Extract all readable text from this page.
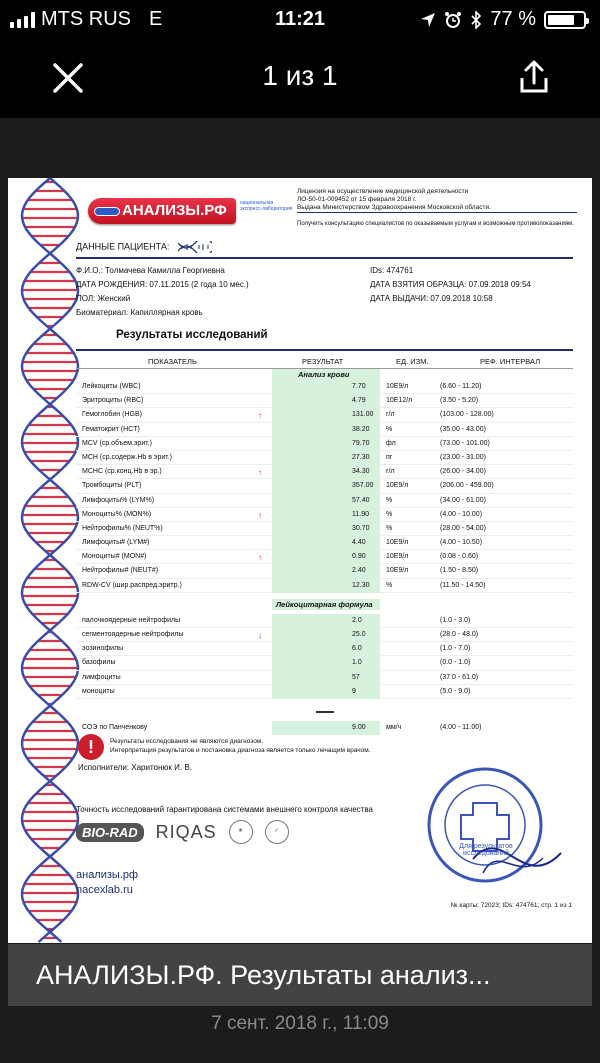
MTS RUS E	11:21	77 %
1 из 1
АНАЛИЗЫ.РФ	национальная экспресс-лаборатория
Лицензия на осуществление медицинской деятельности
ЛО-50-01-009452 от 15 февраля 2018 г.
Выдана Министерством Здравоохранения Московской области.
Получить консультацию специалистов по оказываемым услугам и возможным противопоказаниям.
ДАННЫЕ ПАЦИЕНТА:
Ф.И.О.: Толмачева Камилла Георгиевна
ДАТА РОЖДЕНИЯ: 07.11.2015 (2 года 10 мес.)
ПОЛ: Женский
Биоматериал: Капиллярная кровь
IDs: 474761
ДАТА ВЗЯТИЯ ОБРАЗЦА: 07.09.2018 09:54
ДАТА ВЫДАЧИ: 07.09.2018 10:58
Результаты исследований
ПОКАЗАТЕЛЬ	РЕЗУЛЬТАТ	ЕД. ИЗМ.	РЕФ. ИНТЕРВАЛ
Анализ крови
Лейкоциты (WBC)	7.70	10Е9/л	(6.60 - 11.20)
Эритроциты (RBC)	4.79	10Е12/л	(3.50 - 5.20)
Гемоглобин (HGB)	↑	131.00 г/л	(103.00 - 128.00)
Гематокрит (HCT)	38.20 %	(35.00 - 43.00)
MCV (ср.объем.эрит.)	79.70 фл	(73.00 - 101.00)
MCH (ср.содерж.Hb в эрит.)	27.30 пг	(23.00 - 31.00)
MCHC (ср.конц.Hb в эр.)	↑	34.30 г/л	(26.00 - 34.00)
Тромбоциты (PLT)	357.00 10Е9/л	(206.00 - 459.00)
Лимфоциты% (LYM%)	57.40 %	(34.00 - 61.00)
Моноциты% (MON%)	↑	11.90 %	(4.00 - 10.00)
Нейтрофилы% (NEUT%)	30.70 %	(28.00 - 54.00)
Лимфоциты# (LYM#)	4.40	10Е9/л	(4.00 - 10.50)
Моноциты# (MON#)	↑	0.90	10Е9/л	(0.08 - 0.60)
Нейтрофилы# (NEUT#)	2.40	10Е9/л	(1.50 - 8.50)
RDW-CV (шир.распред.эритр.)	12.30 %	(11.50 - 14.50)
Лейкоцитарная формула
палочкоядерные нейтрофилы	2.0	(1.0 - 3.0)
сегментоядерные нейтрофилы	↓	25.0	(28.0 - 48.0)
эозинофилы	6.0	(1.0 - 7.0)
базофилы	1.0	(0.0 - 1.0)
лимфоциты	57	(37.0 - 61.0)
моноциты	9	(5.0 - 9.0)
СОЭ по Панченкову	9.00	мм/ч	(4.00 - 11.00)
!	Результаты исследования не являются диагнозом.
Интерпретация результатов и постановка диагноза является только лечащим врачом.
Исполнители: Харитонюк И. В.
Точность исследований гарантирована системами внешнего контроля качества
BIO-RAD	RIQAS	★	✓
анализы.рф
nacexlab.ru
Для результатов исследований
№ карты: 72023; IDs: 474761; стр. 1 из 1
АНАЛИЗЫ.РФ. Результаты анализ...
7 сент. 2018 г., 11:09
